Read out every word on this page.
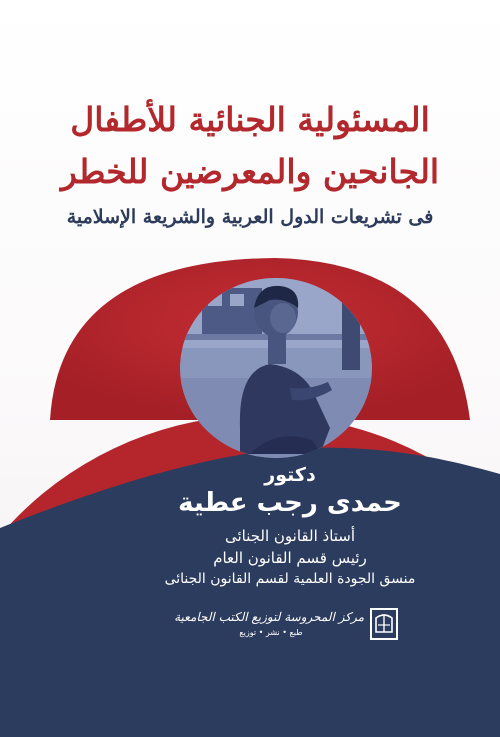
المسئولية الجنائية للأطفال
الجانحين والمعرضين للخطر
فى تشريعات الدول العربية والشريعة الإسلامية
دكتور
حمدى رجب عطية
أستاذ القانون الجنائى
رئيس قسم القانون العام
منسق الجودة العلمية لقسم القانون الجنائى
مركز المحروسة لتوزيع الكتب الجامعية
طبع • نشر • توزيع
